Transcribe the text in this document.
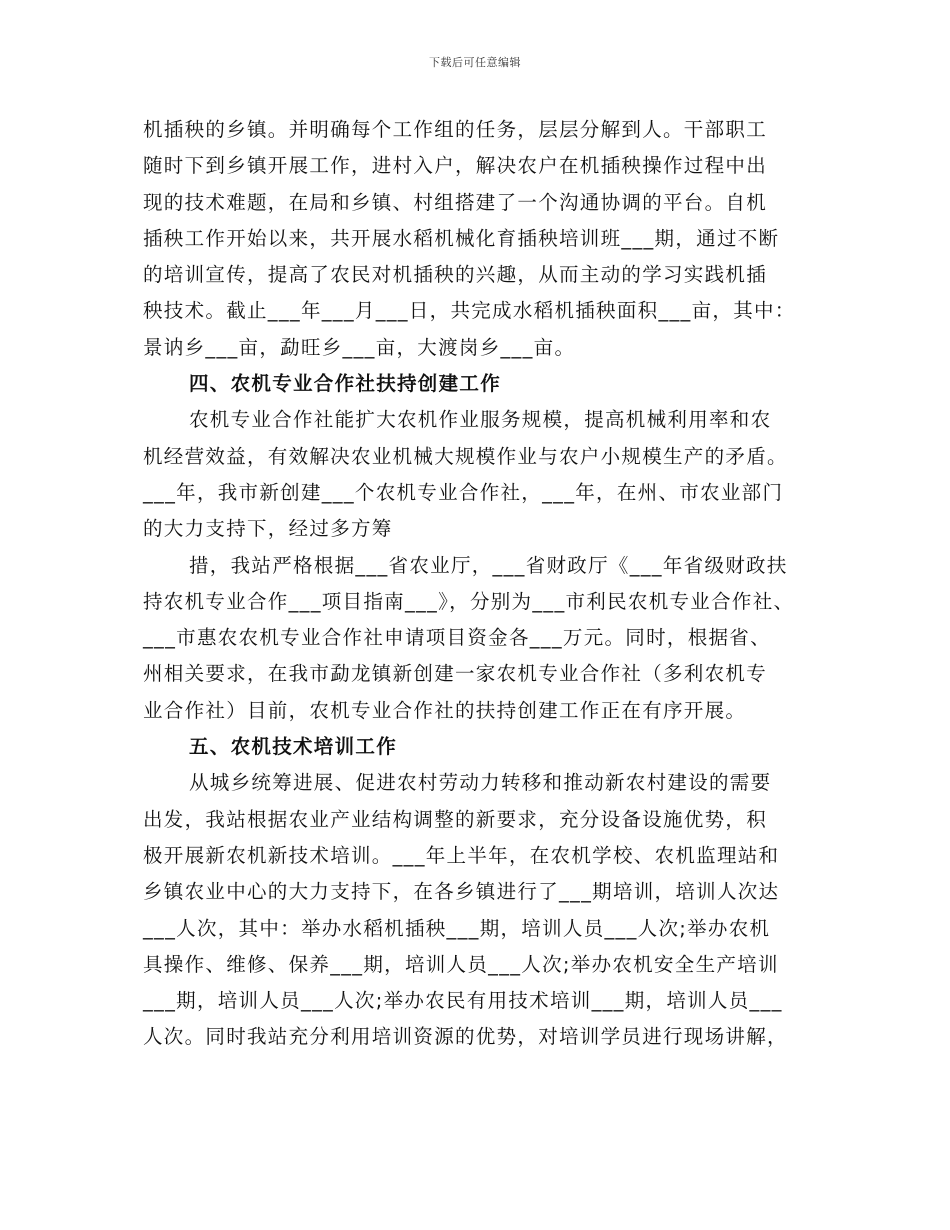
下载后可任意编辑
机插秧的乡镇。并明确每个工作组的任务，层层分解到人。干部职工
随时下到乡镇开展工作，进村入户，解决农户在机插秧操作过程中出
现的技术难题，在局和乡镇、村组搭建了一个沟通协调的平台。自机
插秧工作开始以来，共开展水稻机械化育插秧培训班___期，通过不断
的培训宣传，提高了农民对机插秧的兴趣，从而主动的学习实践机插
秧技术。截止___年___月___日，共完成水稻机插秧面积___亩，其中：
景讷乡___亩，勐旺乡___亩，大渡岗乡___亩。
四、农机专业合作社扶持创建工作
农机专业合作社能扩大农机作业服务规模，提高机械利用率和农
机经营效益，有效解决农业机械大规模作业与农户小规模生产的矛盾。
___年，我市新创建___个农机专业合作社，___年，在州、市农业部门
的大力支持下，经过多方筹
措，我站严格根据___省农业厅，___省财政厅《___年省级财政扶
持农机专业合作___项目指南___》，分别为___市利民农机专业合作社、
___市惠农农机专业合作社申请项目资金各___万元。同时，根据省、
州相关要求，在我市勐龙镇新创建一家农机专业合作社（多利农机专
业合作社）目前，农机专业合作社的扶持创建工作正在有序开展。
五、农机技术培训工作
从城乡统筹进展、促进农村劳动力转移和推动新农村建设的需要
出发，我站根据农业产业结构调整的新要求，充分设备设施优势，积
极开展新农机新技术培训。___年上半年，在农机学校、农机监理站和
乡镇农业中心的大力支持下，在各乡镇进行了___期培训，培训人次达
___人次，其中：举办水稻机插秧___期，培训人员___人次;举办农机
具操作、维修、保养___期，培训人员___人次;举办农机安全生产培训
___期，培训人员___人次;举办农民有用技术培训___期，培训人员___
人次。同时我站充分利用培训资源的优势，对培训学员进行现场讲解，
